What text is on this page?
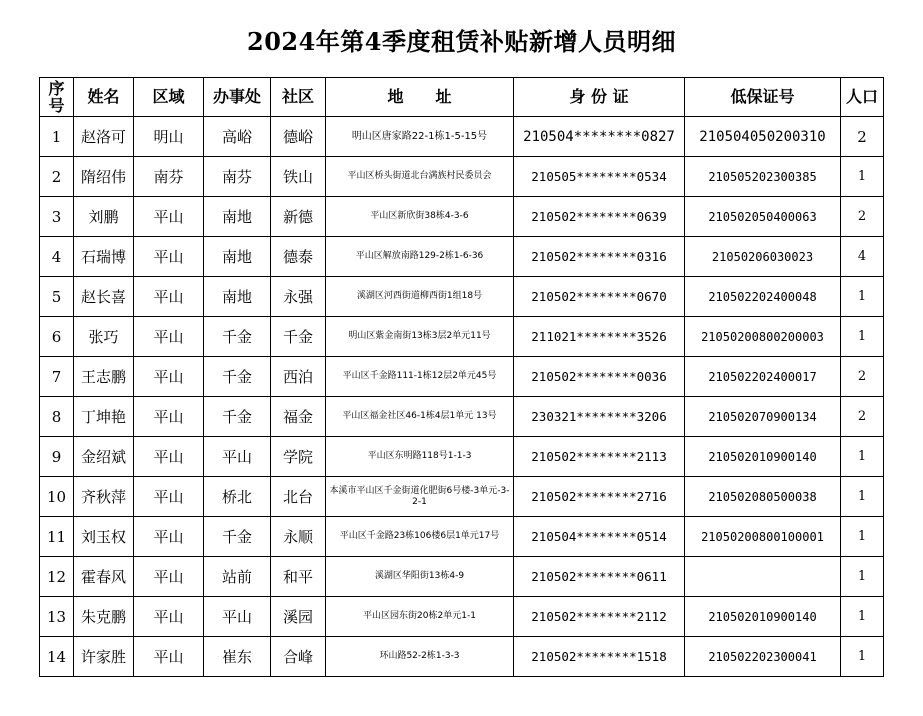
2024年第4季度租赁补贴新增人员明细
序号	姓名	区域	办事处	社区	地　　址	身 份 证	低保证号	人口
1	赵洛可	明山	高峪	德峪	明山区唐家路22-1栋1-5-15号	210504********0827	210504050200310	2
2	隋绍伟	南芬	南芬	铁山	平山区桥头街道北台满族村民委员会	210505********0534	210505202300385	1
3	刘鹏	平山	南地	新德	平山区新欣街38栋4-3-6	210502********0639	210502050400063	2
4	石瑞博	平山	南地	德泰	平山区解放南路129-2栋1-6-36	210502********0316	21050206030023	4
5	赵长喜	平山	南地	永强	溪湖区河西街道柳西街1组18号	210502********0670	210502202400048	1
6	张巧	平山	千金	千金	明山区紫金南街13栋3层2单元11号	211021********3526	21050200800200003	1
7	王志鹏	平山	千金	西泊	平山区千金路111-1栋12层2单元45号	210502********0036	210502202400017	2
8	丁坤艳	平山	千金	福金	平山区福金社区46-1栋4层1单元 13号	230321********3206	210502070900134	2
9	金绍斌	平山	平山	学院	平山区东明路118号1-1-3	210502********2113	210502010900140	1
10	齐秋萍	平山	桥北	北台	本溪市平山区千金街道化肥街6号楼-3单元-3-2-1	210502********2716	210502080500038	1
11	刘玉权	平山	千金	永顺	平山区千金路23栋106楼6层1单元17号	210504********0514	21050200800100001	1
12	霍春风	平山	站前	和平	溪湖区华阳街13栋4-9	210502********0611		1
13	朱克鹏	平山	平山	溪园	平山区园东街20栋2单元1-1	210502********2112	210502010900140	1
14	许家胜	平山	崔东	合峰	环山路52-2栋1-3-3	210502********1518	210502202300041	1
